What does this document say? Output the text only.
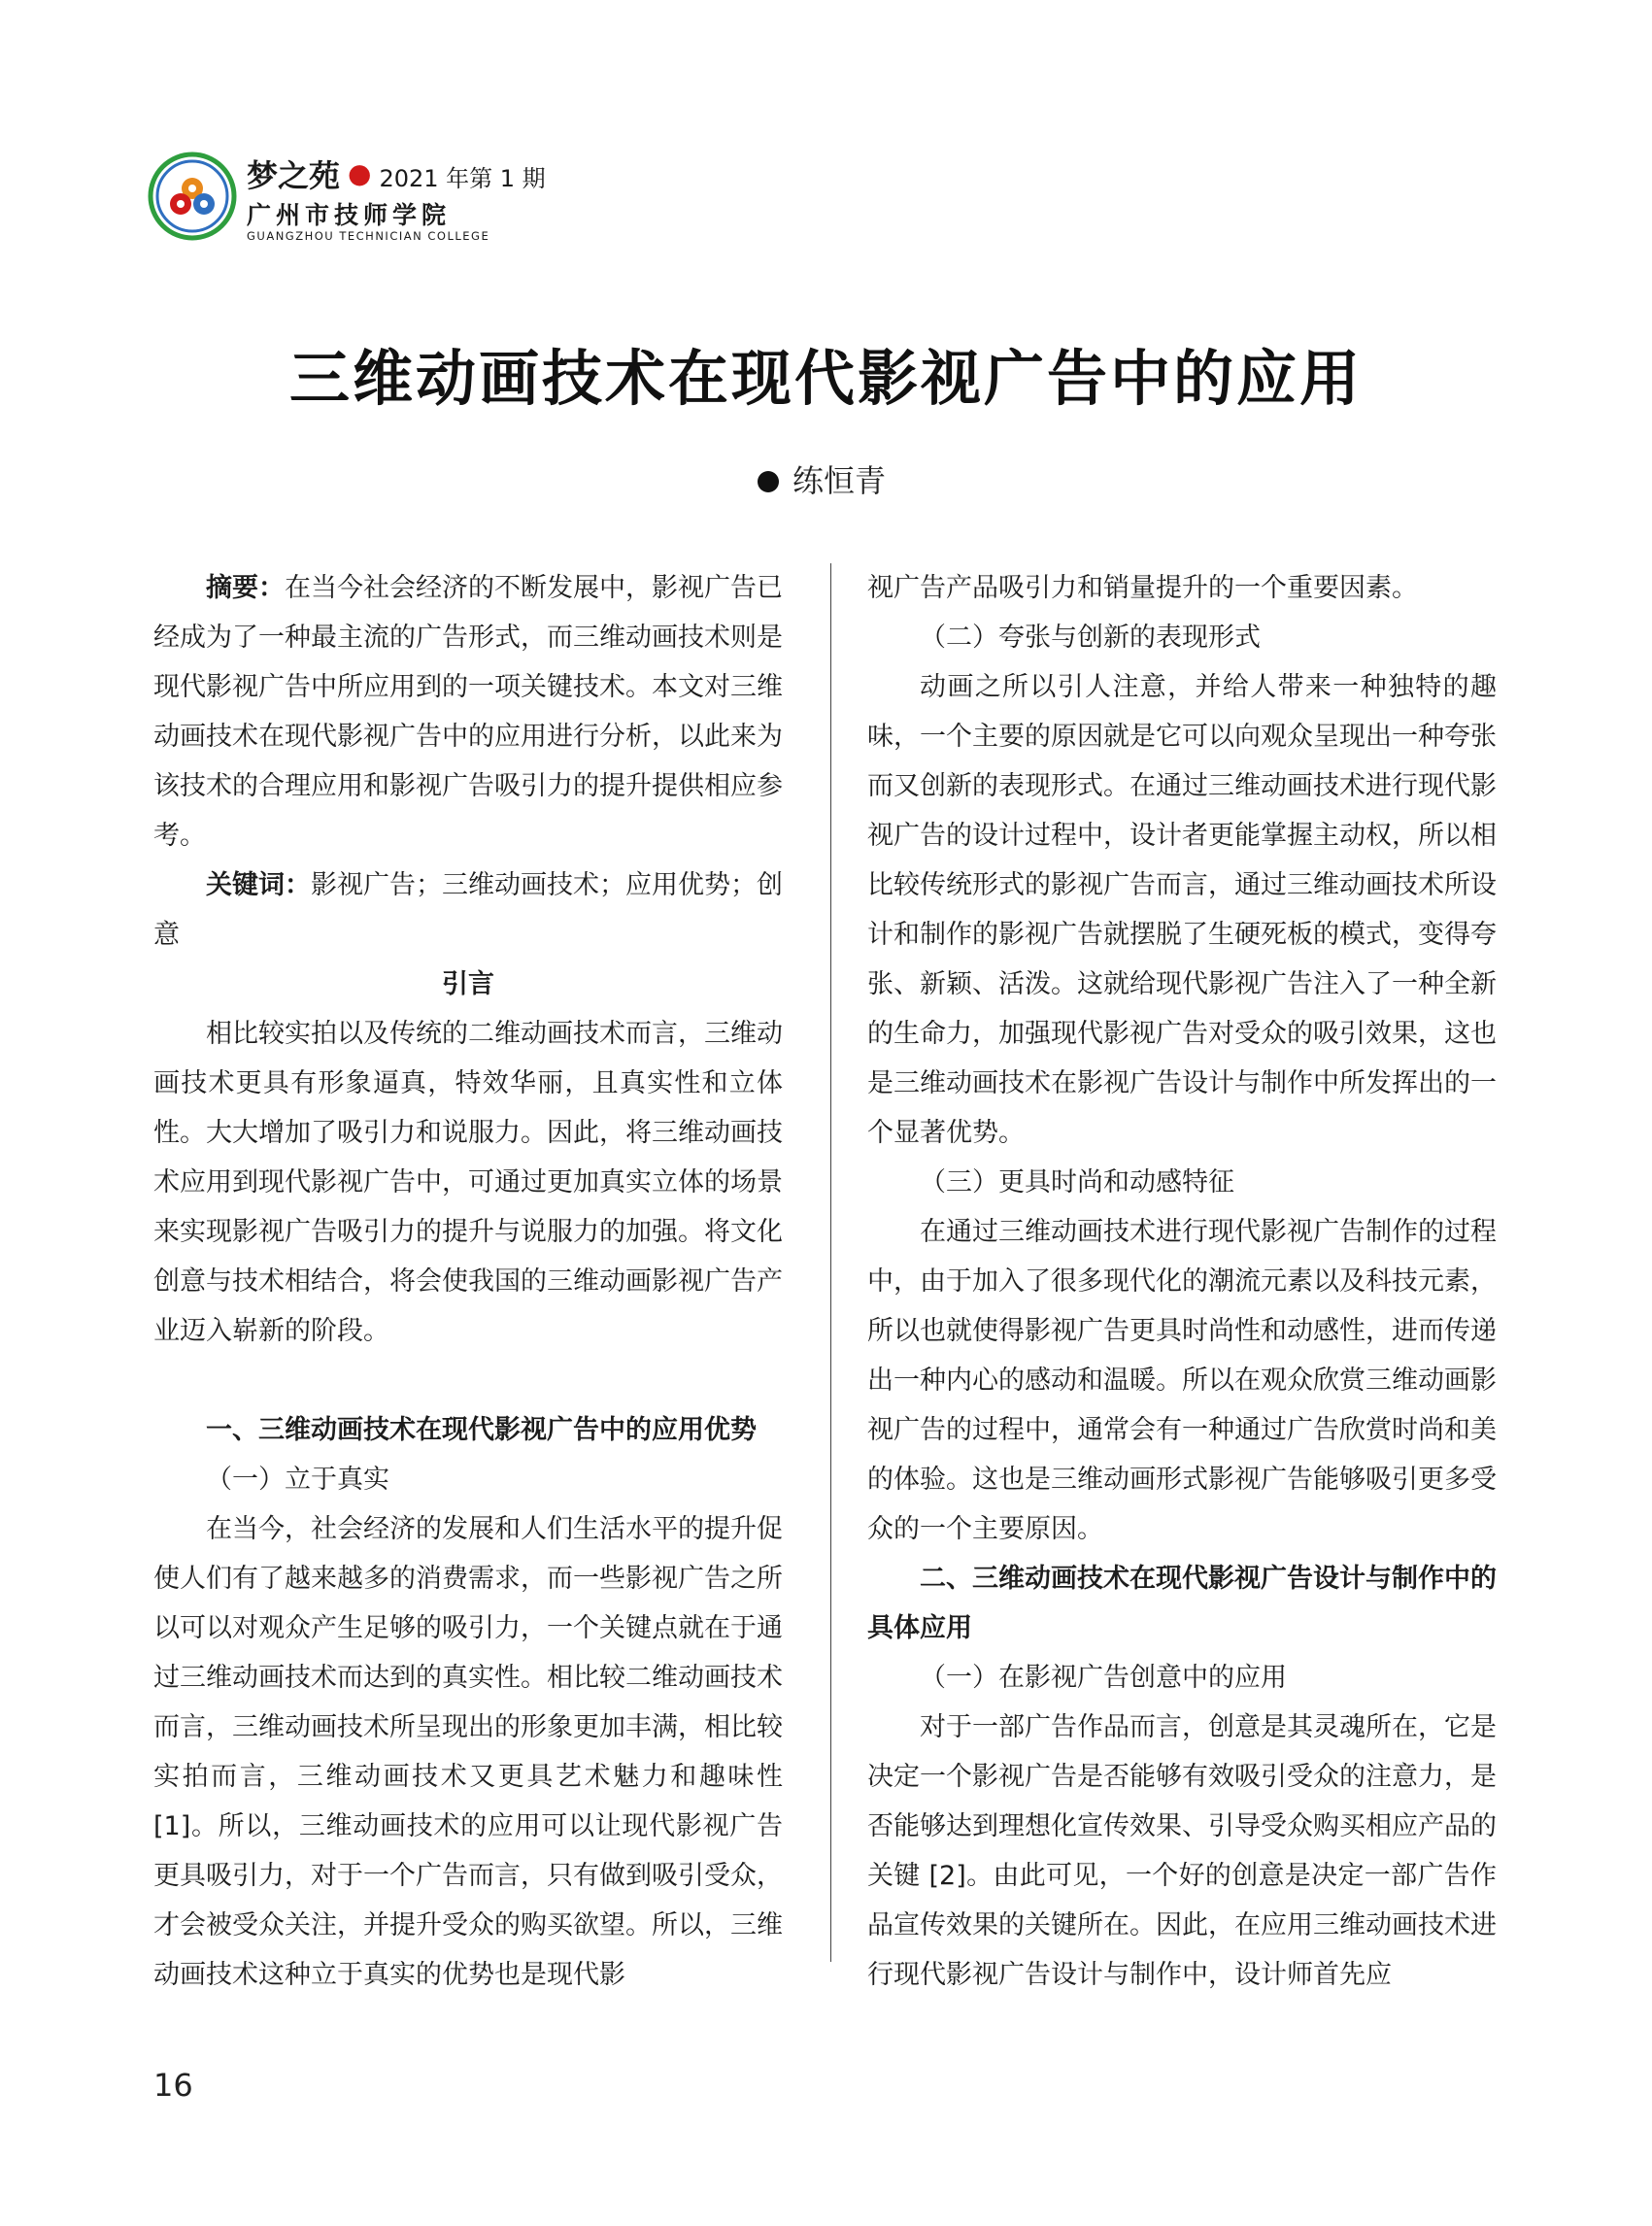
梦之苑 ● 2021 年第 1 期
广州市技师学院
GUANGZHOU TECHNICIAN COLLEGE
三维动画技术在现代影视广告中的应用
练恒青

摘要：在当今社会经济的不断发展中，影视广告已经成为了一种最主流的广告形式，而三维动画技术则是现代影视广告中所应用到的一项关键技术。本文对三维动画技术在现代影视广告中的应用进行分析，以此来为该技术的合理应用和影视广告吸引力的提升提供相应参考。

关键词：影视广告；三维动画技术；应用优势；创意

引言

相比较实拍以及传统的二维动画技术而言，三维动画技术更具有形象逼真，特效华丽，且真实性和立体性。大大增加了吸引力和说服力。因此，将三维动画技术应用到现代影视广告中，可通过更加真实立体的场景来实现影视广告吸引力的提升与说服力的加强。将文化创意与技术相结合，将会使我国的三维动画影视广告产业迈入崭新的阶段。

一、三维动画技术在现代影视广告中的应用优势

（一）立于真实

在当今，社会经济的发展和人们生活水平的提升促使人们有了越来越多的消费需求，而一些影视广告之所以可以对观众产生足够的吸引力，一个关键点就在于通过三维动画技术而达到的真实性。相比较二维动画技术而言，三维动画技术所呈现出的形象更加丰满，相比较实拍而言，三维动画技术又更具艺术魅力和趣味性 [1]。所以，三维动画技术的应用可以让现代影视广告更具吸引力，对于一个广告而言，只有做到吸引受众，才会被受众关注，并提升受众的购买欲望。所以，三维动画技术这种立于真实的优势也是现代影

视广告产品吸引力和销量提升的一个重要因素。

（二）夸张与创新的表现形式

动画之所以引人注意，并给人带来一种独特的趣味，一个主要的原因就是它可以向观众呈现出一种夸张而又创新的表现形式。在通过三维动画技术进行现代影视广告的设计过程中，设计者更能掌握主动权，所以相比较传统形式的影视广告而言，通过三维动画技术所设计和制作的影视广告就摆脱了生硬死板的模式，变得夸张、新颖、活泼。这就给现代影视广告注入了一种全新的生命力，加强现代影视广告对受众的吸引效果，这也是三维动画技术在影视广告设计与制作中所发挥出的一个显著优势。

（三）更具时尚和动感特征

在通过三维动画技术进行现代影视广告制作的过程中，由于加入了很多现代化的潮流元素以及科技元素，所以也就使得影视广告更具时尚性和动感性，进而传递出一种内心的感动和温暖。所以在观众欣赏三维动画影视广告的过程中，通常会有一种通过广告欣赏时尚和美的体验。这也是三维动画形式影视广告能够吸引更多受众的一个主要原因。

二、三维动画技术在现代影视广告设计与制作中的具体应用

（一）在影视广告创意中的应用

对于一部广告作品而言，创意是其灵魂所在，它是决定一个影视广告是否能够有效吸引受众的注意力，是否能够达到理想化宣传效果、引导受众购买相应产品的关键 [2]。由此可见，一个好的创意是决定一部广告作品宣传效果的关键所在。因此，在应用三维动画技术进行现代影视广告设计与制作中，设计师首先应

16
